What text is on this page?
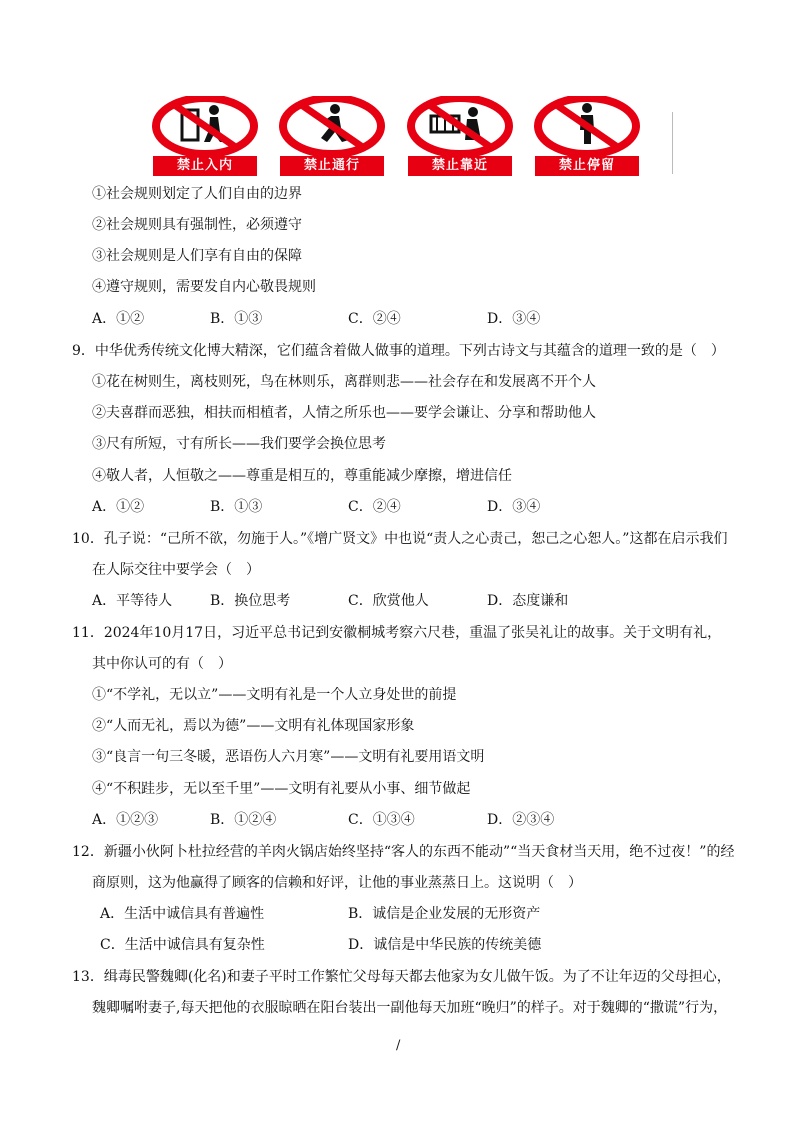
禁止入内	禁止通行	禁止靠近	禁止停留
①社会规则划定了人们自由的边界
②社会规则具有强制性，必须遵守
③社会规则是人们享有自由的保障
④遵守规则，需要发自内心敬畏规则
A．①②	B．①③	C．②④	D．③④
9．中华优秀传统文化博大精深，它们蕴含着做人做事的道理。下列古诗文与其蕴含的道理一致的是（　）
①花在树则生，离枝则死，鸟在林则乐，离群则悲——社会存在和发展离不开个人
②夫喜群而恶独，相扶而相植者，人情之所乐也——要学会谦让、分享和帮助他人
③尺有所短，寸有所长——我们要学会换位思考
④敬人者，人恒敬之——尊重是相互的，尊重能减少摩擦，增进信任
A．①②	B．①③	C．②④	D．③④
10．孔子说：“己所不欲，勿施于人。”《增广贤文》中也说“责人之心责己，恕己之心恕人。”这都在启示我们
在人际交往中要学会（　）
A．平等待人	B．换位思考	C．欣赏他人	D．态度谦和
11．2024年10月17日，习近平总书记到安徽桐城考察六尺巷，重温了张吴礼让的故事。关于文明有礼，
其中你认可的有（　）
①“不学礼，无以立”——文明有礼是一个人立身处世的前提
②“人而无礼，焉以为德”——文明有礼体现国家形象
③“良言一句三冬暖，恶语伤人六月寒”——文明有礼要用语文明
④“不积跬步，无以至千里”——文明有礼要从小事、细节做起
A．①②③	B．①②④	C．①③④	D．②③④
12．新疆小伙阿卜杜拉经营的羊肉火锅店始终坚持“客人的东西不能动”“当天食材当天用，绝不过夜！”的经
商原则，这为他赢得了顾客的信赖和好评，让他的事业蒸蒸日上。这说明（　）
A．生活中诚信具有普遍性	B．诚信是企业发展的无形资产
C．生活中诚信具有复杂性	D．诚信是中华民族的传统美德
13．缉毒民警魏卿(化名)和妻子平时工作繁忙父母每天都去他家为女儿做午饭。为了不让年迈的父母担心，
魏卿嘱咐妻子,每天把他的衣服晾晒在阳台装出一副他每天加班“晚归”的样子。对于魏卿的“撒谎”行为，
/
